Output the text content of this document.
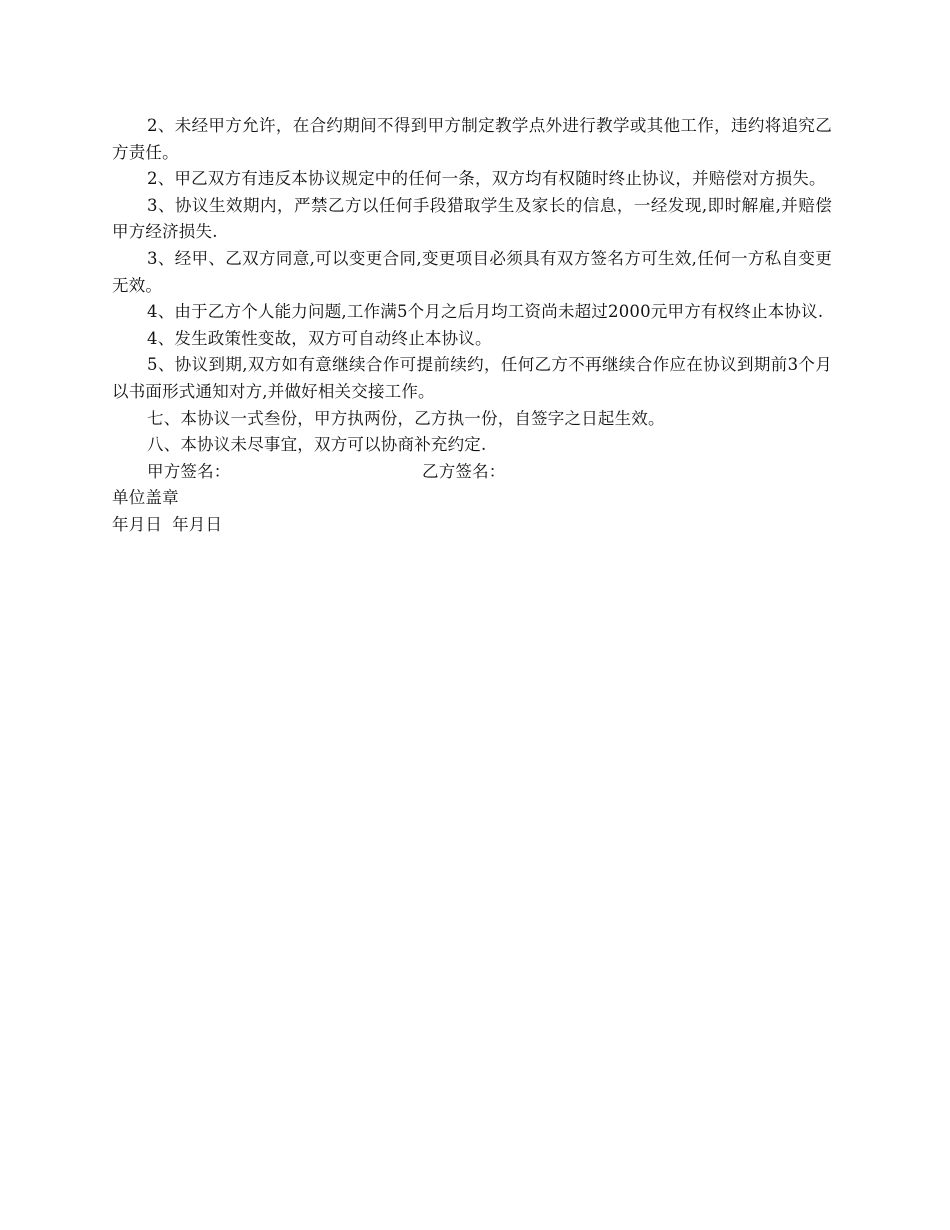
2、未经甲方允许，在合约期间不得到甲方制定教学点外进行教学或其他工作，违约将追究乙方责任。

2、甲乙双方有违反本协议规定中的任何一条，双方均有权随时终止协议，并赔偿对方损失。

3、协议生效期内，严禁乙方以任何手段猎取学生及家长的信息，一经发现,即时解雇,并赔偿甲方经济损失.

3、经甲、乙双方同意,可以变更合同,变更项目必须具有双方签名方可生效,任何一方私自变更无效。

4、由于乙方个人能力问题,工作满5个月之后月均工资尚未超过2000元甲方有权终止本协议.

4、发生政策性变故，双方可自动终止本协议。

5、协议到期,双方如有意继续合作可提前续约，任何乙方不再继续合作应在协议到期前3个月以书面形式通知对方,并做好相关交接工作。

七、本协议一式叁份，甲方执两份，乙方执一份，自签字之日起生效。

八、本协议未尽事宜，双方可以协商补充约定.

甲方签名：	乙方签名：

单位盖章

年月日 年月日
